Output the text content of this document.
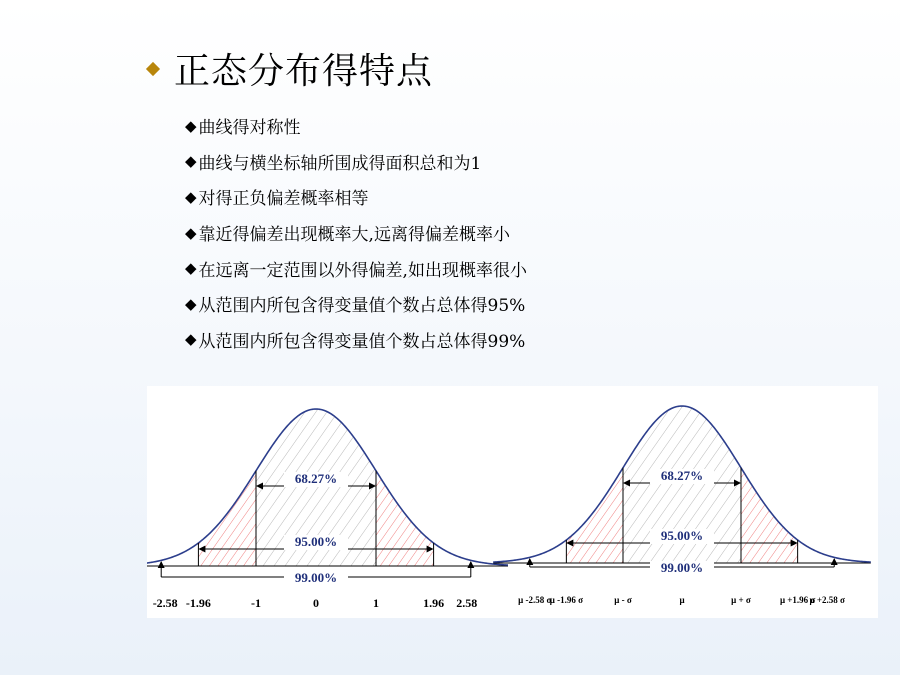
正态分布得特点
◆ 曲线得对称性
◆ 曲线与横坐标轴所围成得面积总和为1
◆ 对得正负偏差概率相等
◆ 靠近得偏差出现概率大,远离得偏差概率小
◆ 在远离一定范围以外得偏差,如出现概率很小
◆ 从范围内所包含得变量值个数占总体得95%
◆ 从范围内所包含得变量值个数占总体得99%
68.27%
95.00%
99.00%
-2.58 -1.96	-1	0	1	1.96 2.58
68.27%
95.00%
99.00%
μ -2.58 σ
μ -1.96 σ	μ - σ	μ	μ + σ	μ +1.96 σ
μ +2.58 σ
